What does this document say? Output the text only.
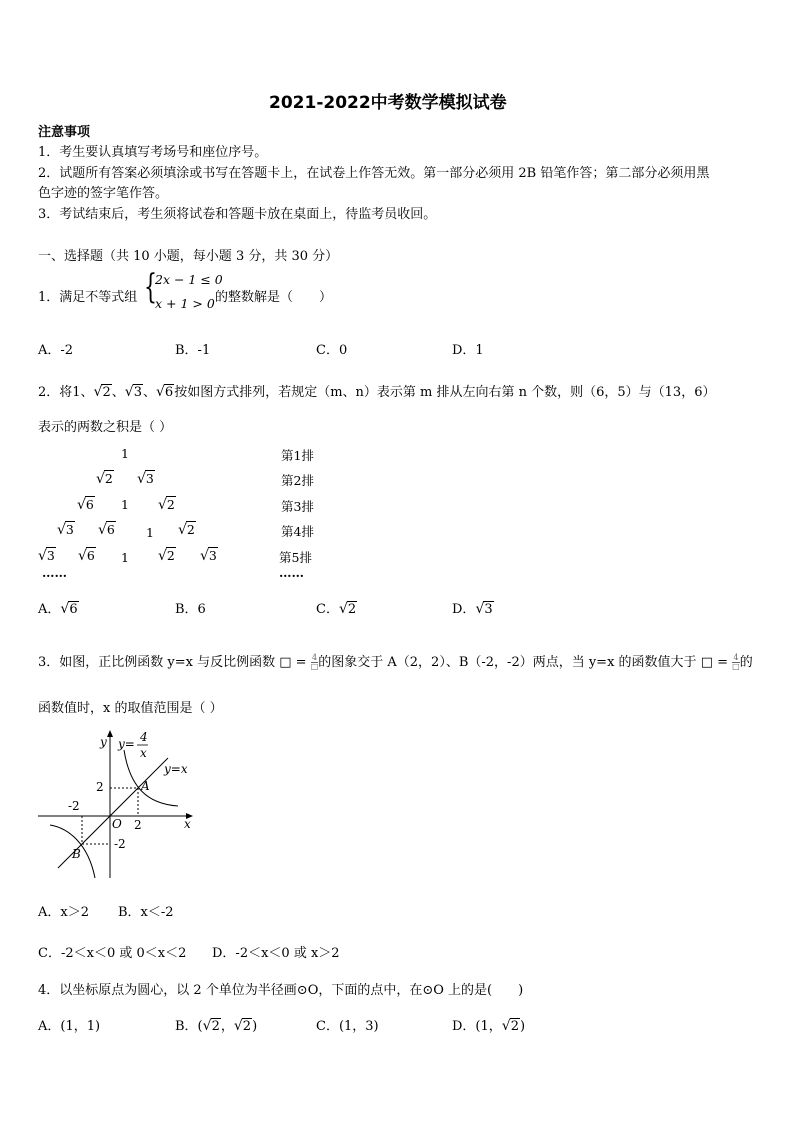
2021-2022中考数学模拟试卷
注意事项
1．考生要认真填写考场号和座位序号。
2．试题所有答案必须填涂或书写在答题卡上，在试卷上作答无效。第一部分必须用 2B 铅笔作答；第二部分必须用黑
色字迹的签字笔作答。
3．考试结束后，考生须将试卷和答题卡放在桌面上，待监考员收回。
一、选择题（共 10 小题，每小题 3 分，共 30 分）
1．满足不等式组 {
2x − 1 ≤ 0
x + 1 > 0 的整数解是（　　）
A．-2	B．-1	C．0	D．1
2．将1、√2、√3、√6按如图方式排列，若规定（m、n）表示第 m 排从左向右第 n 个数，则（6，5）与（13，6）
表示的两数之积是（ ）
1
√2 √3
√6 1 √2
√3 √6 1 √2
√3 √6 1 √2 √3
……
第1排
第2排
第3排
第4排
第5排
……
A．√6	B．6	C．√2	D．√3
3．如图，正比例函数 y=x 与反比例函数 □ = $\frac{4}{□}$ 的图象交于 A（2，2）、B（-2，-2）两点，当 y=x 的函数值大于 □ = $\frac{4}{□}$ 的
函数值时，x 的取值范围是（ ）
y
x
O
y= 4
x
y=x
A
B
2
-2
2
-2
A．x＞2 B．x＜-2
C．-2＜x＜0 或 0＜x＜2 D．-2＜x＜0 或 x＞2
4．以坐标原点为圆心，以 2 个单位为半径画⊙O，下面的点中，在⊙O 上的是(　　)
A．(1，1)	B．(√2，√2)	C．(1，3)	D．(1，√2)
